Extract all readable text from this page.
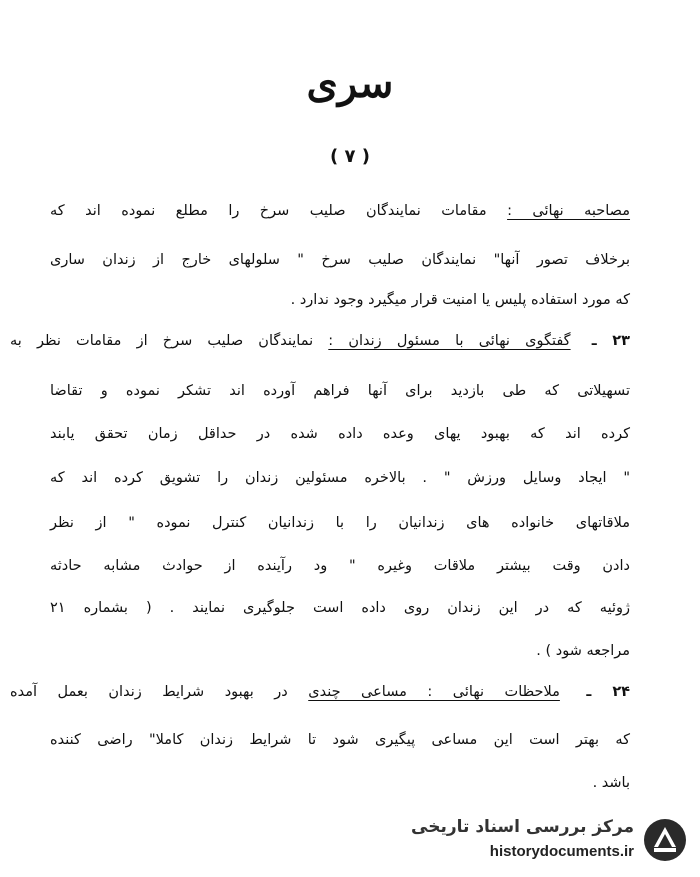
سری
( ۷ )
مصاحبه نهائی : مقامات نمایندگان صلیب سرخ را مطلع نموده اند که
برخلاف تصور آنها" نمایندگان صلیب سرخ " سلولهای خارج از زندان ساری
که مورد استفاده پلیس یا امنیت قرار میگیرد وجود ندارد .
۲۳ ـ گفتگوی نهائی با مسئول زندان : نمایندگان صلیب سرخ از مقامات نظر به
تسهیلاتی که طی بازدید برای آنها فراهم آورده اند تشکر نموده و تقاضا
کرده اند که بهبود یهای وعده داده شده در حداقل زمان تحقق یابند
" ایجاد وسایل ورزش " . بالاخره مسئولین زندان را تشویق کرده اند که
ملاقاتهای خانواده های زندانیان را با زندانیان کنترل نموده " از نظر
دادن وقت بیشتر ملاقات وغیره " ود رآینده از حوادث مشابه حادثه
ژوئیه که در این زندان روی داده است جلوگیری نمایند . ( بشماره ۲۱
مراجعه شود ) .
۲۴ ـ ملاحظات نهائی : مساعی چندی در بهبود شرایط زندان بعمل آمده
که بهتر است این مساعی پیگیری شود تا شرایط زندان کاملا" راضی کننده
باشد .
مرکز بررسی اسناد تاریخی
historydocuments.ir
